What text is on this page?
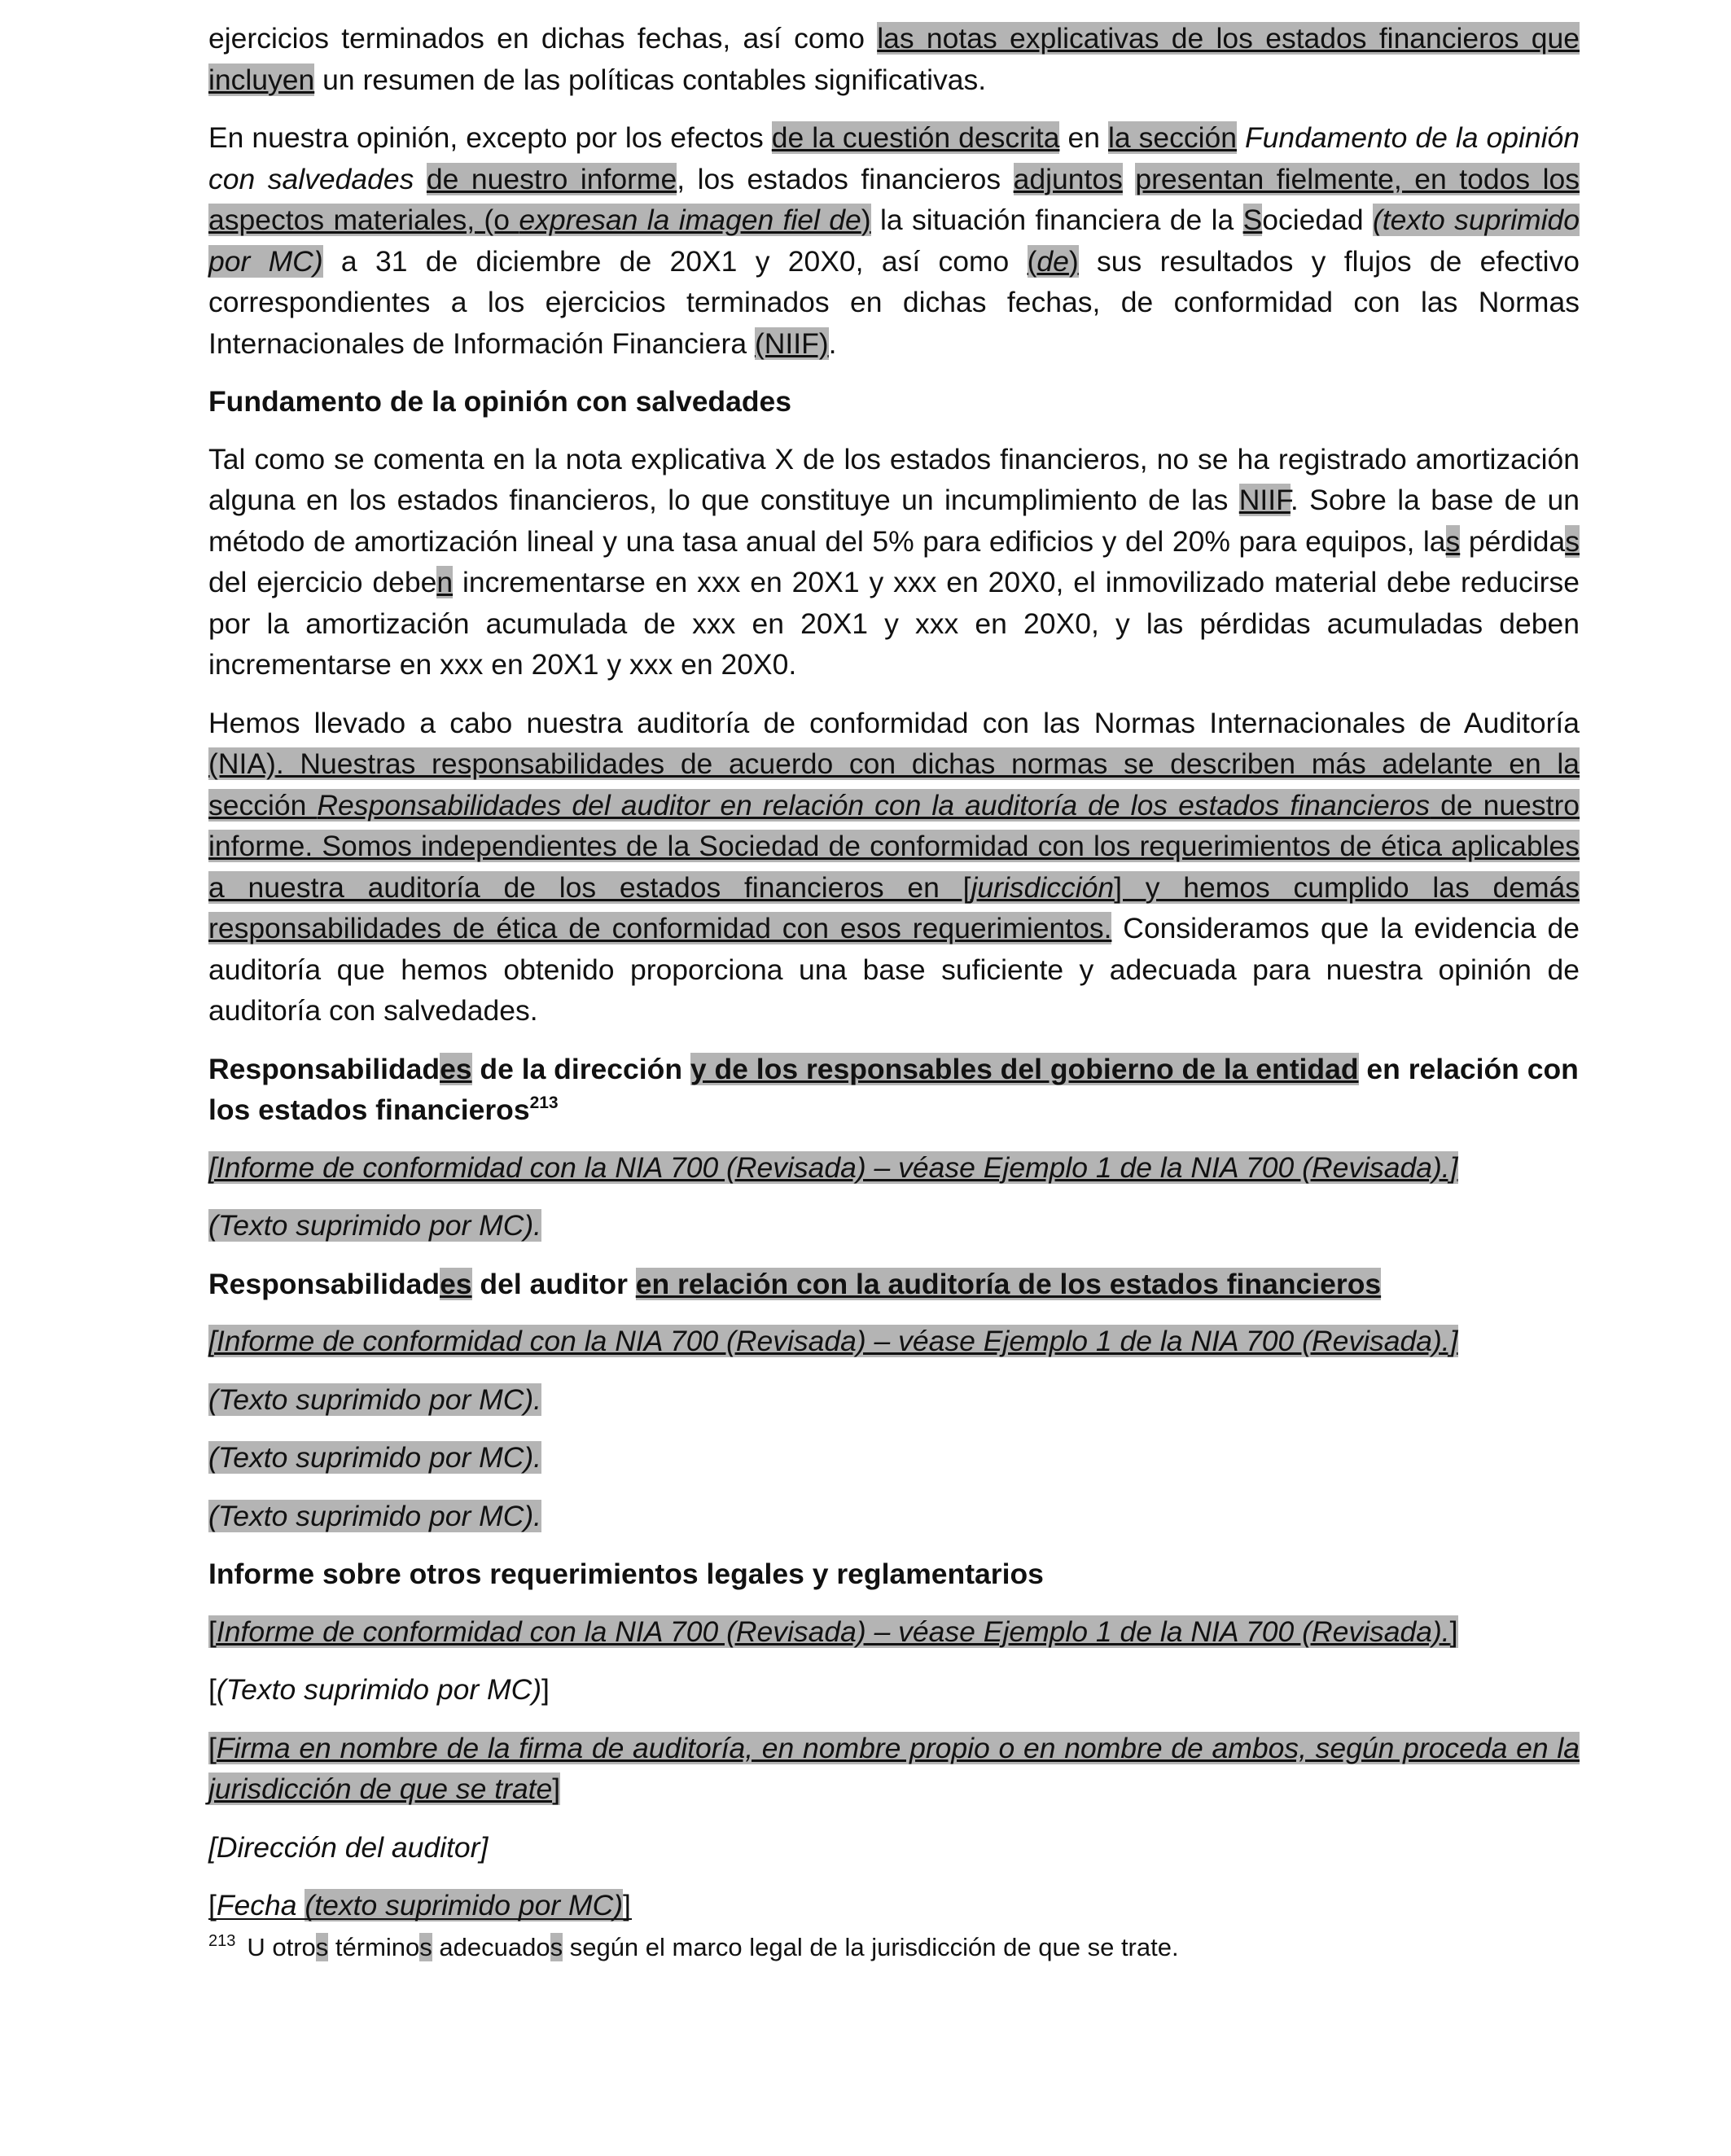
ejercicios terminados en dichas fechas, así como las notas explicativas de los estados financieros que incluyen un resumen de las políticas contables significativas.

En nuestra opinión, excepto por los efectos de la cuestión descrita en la sección Fundamento de la opinión con salvedades de nuestro informe, los estados financieros adjuntos presentan fielmente, en todos los aspectos materiales, (o expresan la imagen fiel de) la situación financiera de la Sociedad (texto suprimido por MC) a 31 de diciembre de 20X1 y 20X0, así como (de) sus resultados y flujos de efectivo correspondientes a los ejercicios terminados en dichas fechas, de conformidad con las Normas Internacionales de Información Financiera (NIIF).

Fundamento de la opinión con salvedades

Tal como se comenta en la nota explicativa X de los estados financieros, no se ha registrado amortización alguna en los estados financieros, lo que constituye un incumplimiento de las NIIF. Sobre la base de un método de amortización lineal y una tasa anual del 5% para edificios y del 20% para equipos, las pérdidas del ejercicio deben incrementarse en xxx en 20X1 y xxx en 20X0, el inmovilizado material debe reducirse por la amortización acumulada de xxx en 20X1 y xxx en 20X0, y las pérdidas acumuladas deben incrementarse en xxx en 20X1 y xxx en 20X0.

Hemos llevado a cabo nuestra auditoría de conformidad con las Normas Internacionales de Auditoría (NIA). Nuestras responsabilidades de acuerdo con dichas normas se describen más adelante en la sección Responsabilidades del auditor en relación con la auditoría de los estados financieros de nuestro informe. Somos independientes de la Sociedad de conformidad con los requerimientos de ética aplicables a nuestra auditoría de los estados financieros en [jurisdicción] y hemos cumplido las demás responsabilidades de ética de conformidad con esos requerimientos. Consideramos que la evidencia de auditoría que hemos obtenido proporciona una base suficiente y adecuada para nuestra opinión de auditoría con salvedades.

Responsabilidades de la dirección y de los responsables del gobierno de la entidad en relación con los estados financieros$^{213}$

[Informe de conformidad con la NIA 700 (Revisada) – véase Ejemplo 1 de la NIA 700 (Revisada).]

(Texto suprimido por MC).

Responsabilidades del auditor en relación con la auditoría de los estados financieros

[Informe de conformidad con la NIA 700 (Revisada) – véase Ejemplo 1 de la NIA 700 (Revisada).]

(Texto suprimido por MC).

(Texto suprimido por MC).

(Texto suprimido por MC).

Informe sobre otros requerimientos legales y reglamentarios

[Informe de conformidad con la NIA 700 (Revisada) – véase Ejemplo 1 de la NIA 700 (Revisada).]

[(Texto suprimido por MC)]

[Firma en nombre de la firma de auditoría, en nombre propio o en nombre de ambos, según proceda en la jurisdicción de que se trate]

[Dirección del auditor]

[Fecha (texto suprimido por MC)]

$^{213}$ U otros términos adecuados según el marco legal de la jurisdicción de que se trate.
